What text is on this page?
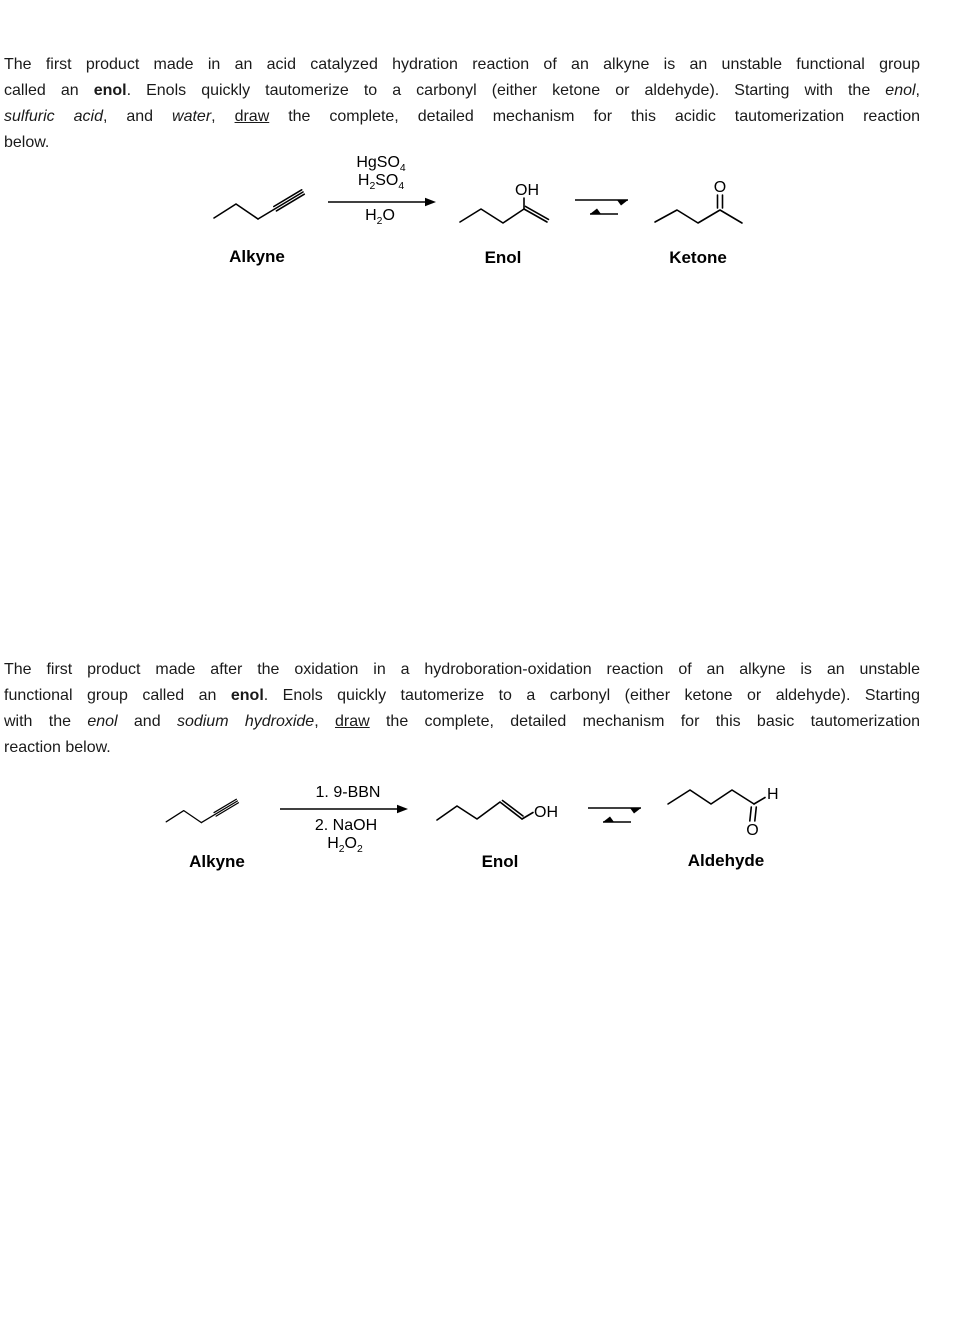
The first product made in an acid catalyzed hydration reaction of an alkyne is an unstable functional group
called an enol. Enols quickly tautomerize to a carbonyl (either ketone or aldehyde). Starting with the enol,
sulfuric acid, and water, draw the complete, detailed mechanism for this acidic tautomerization reaction
below.
Alkyne
HgSO$_4$
$H_2SO_4$
$H_2O$
OH
Enol
O
Ketone
The first product made after the oxidation in a hydroboration-oxidation reaction of an alkyne is an unstable
functional group called an enol. Enols quickly tautomerize to a carbonyl (either ketone or aldehyde). Starting
with the enol and sodium hydroxide, draw the complete, detailed mechanism for this basic tautomerization
reaction below.
Alkyne
1. 9-BBN
2. NaOH
$H_2O_2$
OH
Enol
H
O
Aldehyde
